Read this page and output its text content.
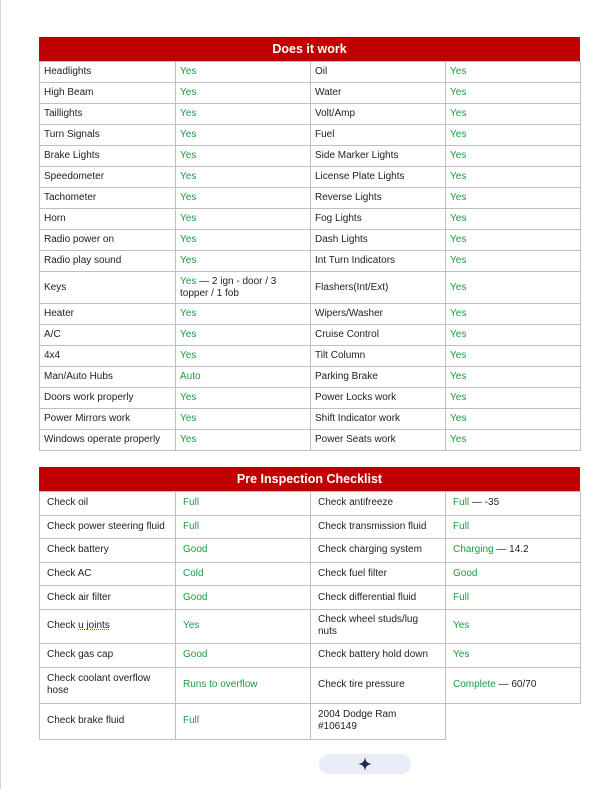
Does it work
Headlights	Yes	Oil	Yes
High Beam	Yes	Water	Yes
Taillights	Yes	Volt/Amp	Yes
Turn Signals	Yes	Fuel	Yes
Brake Lights	Yes	Side Marker Lights	Yes
Speedometer	Yes	License Plate Lights	Yes
Tachometer	Yes	Reverse Lights	Yes
Horn	Yes	Fog Lights	Yes
Radio power on	Yes	Dash Lights	Yes
Radio play sound	Yes	Int Turn Indicators	Yes
Keys	Yes — 2 ign - door / 3 topper / 1 fob	Flashers(Int/Ext)	Yes
Heater	Yes	Wipers/Washer	Yes
A/C	Yes	Cruise Control	Yes
4x4	Yes	Tilt Column	Yes
Man/Auto Hubs	Auto	Parking Brake	Yes
Doors work properly	Yes	Power Locks work	Yes
Power Mirrors work	Yes	Shift Indicator work	Yes
Windows operate properly	Yes	Power Seats work	Yes
Pre Inspection Checklist
Check oil	Full	Check antifreeze	Full — -35
Check power steering fluid	Full	Check transmission fluid	Full
Check battery	Good	Check charging system	Charging — 14.2
Check AC	Cold	Check fuel filter	Good
Check air filter	Good	Check differential fluid	Full
Check u joints	Yes	Check wheel studs/lug nuts	Yes
Check gas cap	Good	Check battery hold down	Yes
Check coolant overflow hose	Runs to overflow	Check tire pressure	Complete — 60/70
Check brake fluid	Full	2004 Dodge Ram #106149	
